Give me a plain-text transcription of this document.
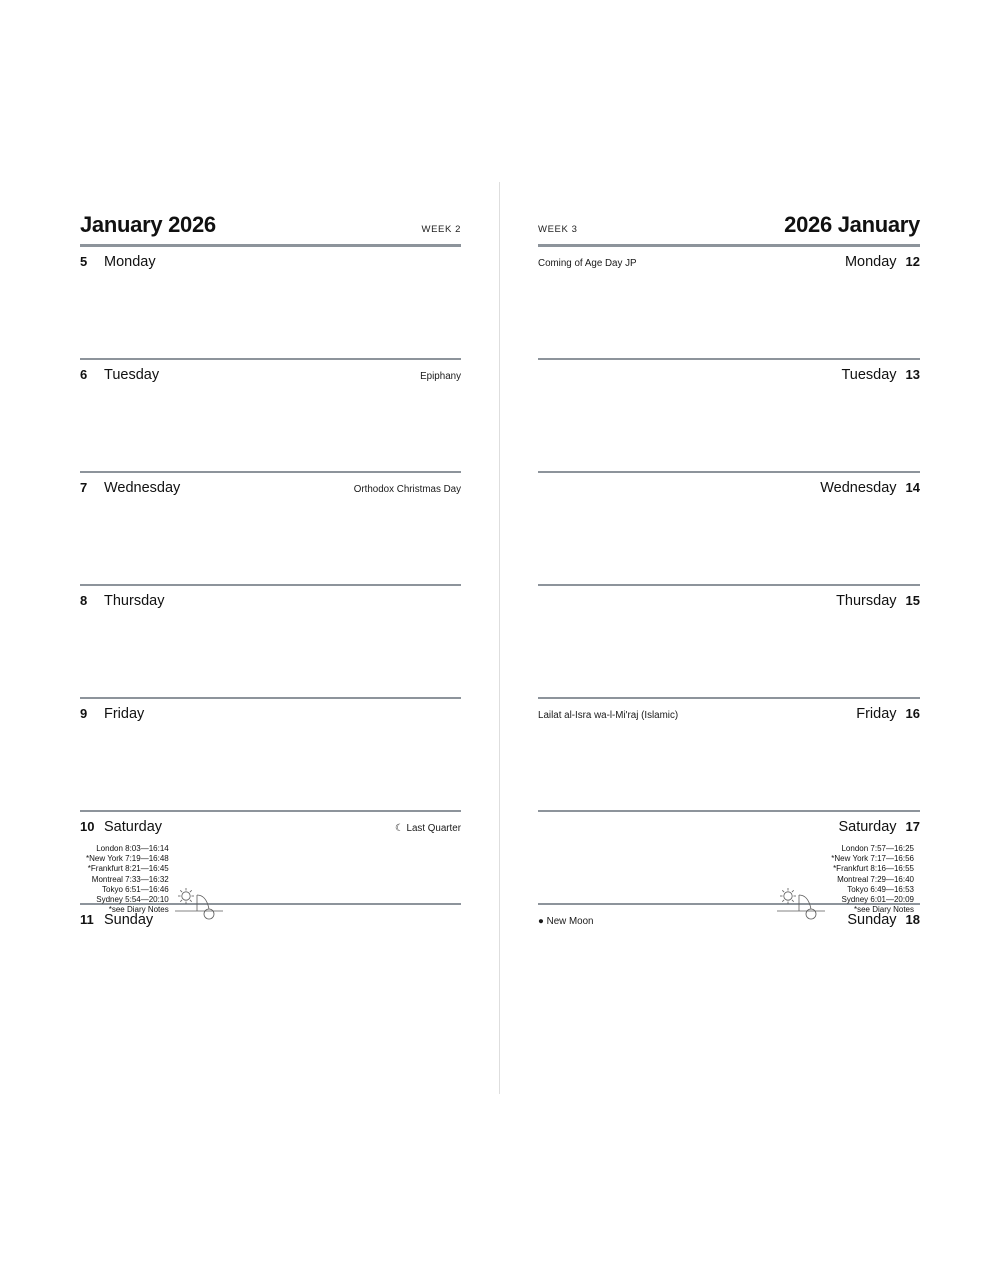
January 2026	WEEK 2
5	Monday
6	Tuesday	Epiphany
7	Wednesday	Orthodox Christmas Day
8	Thursday
9	Friday
10 Saturday	☾ Last Quarter
London 8:03—16:14
*New York 7:19—16:48
*Frankfurt 8:21—16:45
Montreal 7:33—16:32
Tokyo 6:51—16:46
Sydney 5:54—20:10
*see Diary Notes
11 Sunday
WEEK 3	2026 January
Coming of Age Day JP	Monday 12
Tuesday 13
Wednesday 14
Thursday 15
Lailat al-Isra wa-l-Mi'raj (Islamic)	Friday 16
Saturday 17
London 7:57—16:25
*New York 7:17—16:56
*Frankfurt 8:16—16:55
Montreal 7:29—16:40
Tokyo 6:49—16:53
Sydney 6:01—20:09
*see Diary Notes
● New Moon	Sunday 18
